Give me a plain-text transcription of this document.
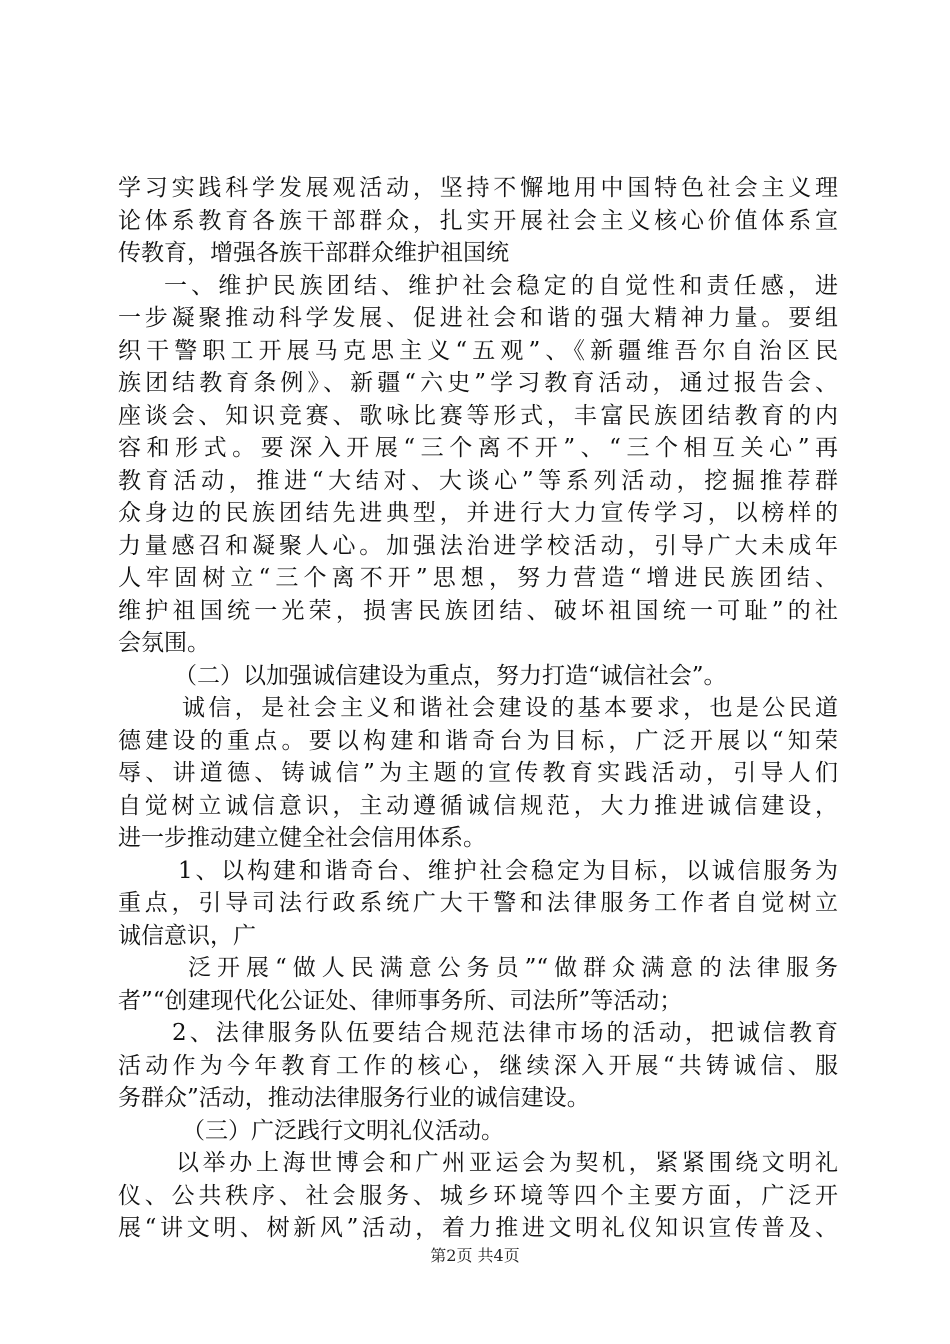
学习实践科学发展观活动，坚持不懈地用中国特色社会主义理
论体系教育各族干部群众，扎实开展社会主义核心价值体系宣
传教育，增强各族干部群众维护祖国统
一、维护民族团结、维护社会稳定的自觉性和责任感，进
一步凝聚推动科学发展、促进社会和谐的强大精神力量。要组
织干警职工开展马克思主义“五观”、《新疆维吾尔自治区民
族团结教育条例》、新疆“六史”学习教育活动，通过报告会、
座谈会、知识竞赛、歌咏比赛等形式，丰富民族团结教育的内
容和形式。要深入开展“三个离不开”、“三个相互关心”再
教育活动，推进“大结对、大谈心”等系列活动，挖掘推荐群
众身边的民族团结先进典型，并进行大力宣传学习，以榜样的
力量感召和凝聚人心。加强法治进学校活动，引导广大未成年
人牢固树立“三个离不开”思想，努力营造“增进民族团结、
维护祖国统一光荣，损害民族团结、破坏祖国统一可耻”的社
会氛围。
（二）以加强诚信建设为重点，努力打造“诚信社会”。
诚信，是社会主义和谐社会建设的基本要求，也是公民道
德建设的重点。要以构建和谐奇台为目标，广泛开展以“知荣
辱、讲道德、铸诚信”为主题的宣传教育实践活动，引导人们
自觉树立诚信意识，主动遵循诚信规范，大力推进诚信建设，
进一步推动建立健全社会信用体系。
1、以构建和谐奇台、维护社会稳定为目标，以诚信服务为
重点，引导司法行政系统广大干警和法律服务工作者自觉树立
诚信意识，广
泛开展“做人民满意公务员”“做群众满意的法律服务
者”“创建现代化公证处、律师事务所、司法所”等活动；
2、法律服务队伍要结合规范法律市场的活动，把诚信教育
活动作为今年教育工作的核心，继续深入开展“共铸诚信、服
务群众”活动，推动法律服务行业的诚信建设。
（三）广泛践行文明礼仪活动。
以举办上海世博会和广州亚运会为契机，紧紧围绕文明礼
仪、公共秩序、社会服务、城乡环境等四个主要方面，广泛开
展“讲文明、树新风”活动，着力推进文明礼仪知识宣传普及、
第2页 共4页
